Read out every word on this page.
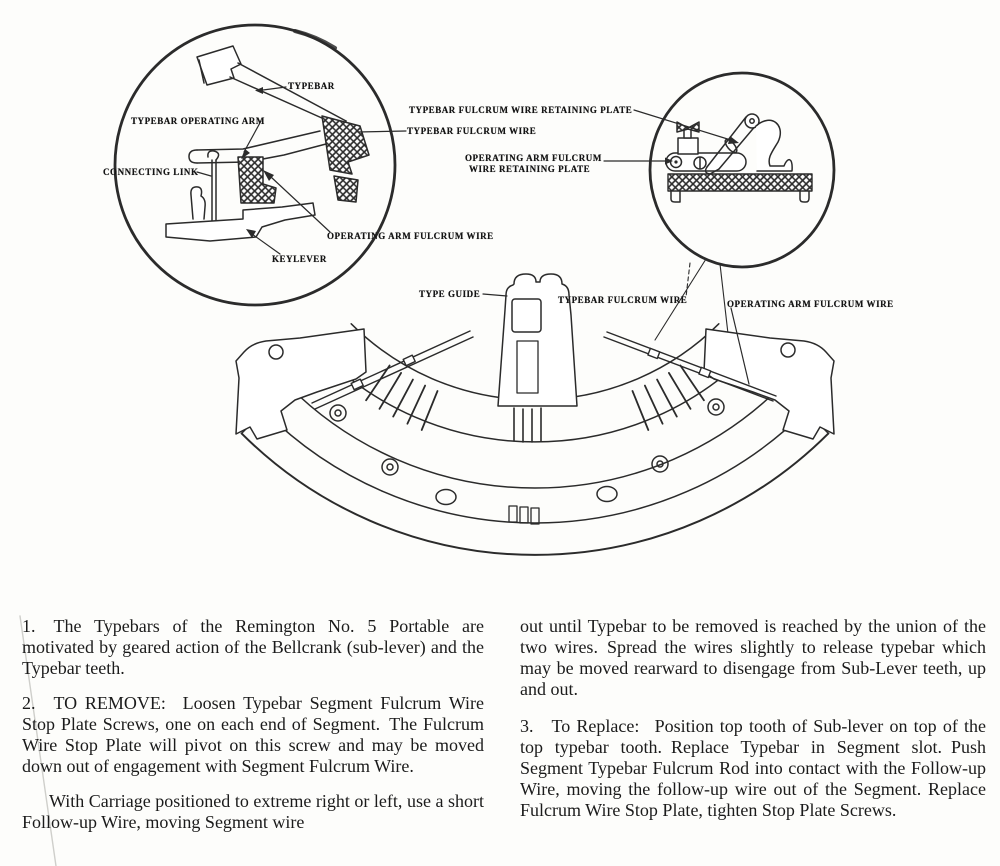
TYPEBAR
TYPEBAR OPERATING ARM
CONNECTING LINK
KEYLEVER
OPERATING ARM FULCRUM WIRE
TYPEBAR FULCRUM WIRE RETAINING PLATE
TYPEBAR FULCRUM WIRE
OPERATING ARM FULCRUM
WIRE RETAINING PLATE
TYPE GUIDE
TYPEBAR FULCRUM WIRE	OPERATING ARM FULCRUM WIRE

1. The Typebars of the Remington No. 5 Portable are motivated by geared action of the Bellcrank (sub-lever) and the Typebar teeth.

2. TO REMOVE:  Loosen Typebar Segment Fulcrum Wire Stop Plate Screws, one on each end of Segment. The Fulcrum Wire Stop Plate will pivot on this screw and may be moved down out of engagement with Segment Fulcrum Wire.

With Carriage positioned to extreme right or left, use a short Follow-up Wire, moving Segment wire

out until Typebar to be removed is reached by the union of the two wires. Spread the wires slightly to release typebar which may be moved rearward to disengage from Sub-Lever teeth, up and out.

3. To Replace:  Position top tooth of Sub-lever on top of the top typebar tooth. Replace Typebar in Segment slot. Push Segment Typebar Fulcrum Rod into contact with the Follow-up Wire, moving the follow-up wire out of the Segment. Replace Fulcrum Wire Stop Plate, tighten Stop Plate Screws.
